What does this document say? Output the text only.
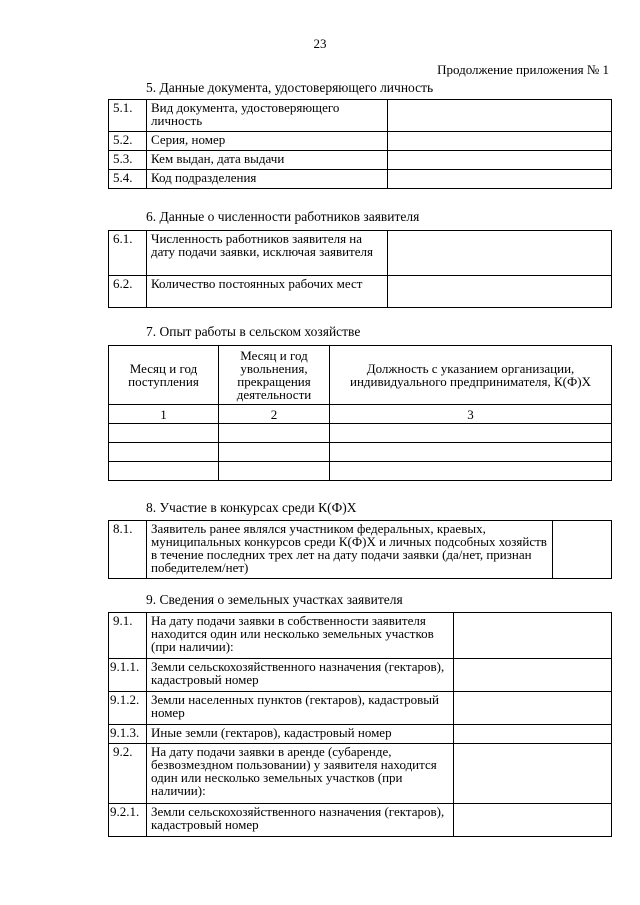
23
Продолжение приложения № 1
5. Данные документа, удостоверяющего личность
5.1.	Вид документа, удостоверяющего личность	
5.2.	Серия, номер	
5.3.	Кем выдан, дата выдачи	
5.4.	Код подразделения	
6. Данные о численности работников заявителя
6.1.	Численность работников заявителя на дату подачи заявки, исключая заявителя	
6.2.	Количество постоянных рабочих мест	
7. Опыт работы в сельском хозяйстве
Месяц и год поступления	Месяц и год увольнения, прекращения деятельности	Должность с указанием организации, индивидуального предпринимателя, К(Ф)Х
1	2	3

8. Участие в конкурсах среди К(Ф)Х
8.1.	Заявитель ранее являлся участником федеральных, краевых, муниципальных конкурсов среди К(Ф)Х и личных подсобных хозяйств в течение последних трех лет на дату подачи заявки (да/нет, признан победителем/нет)	
9. Сведения о земельных участках заявителя
9.1.	На дату подачи заявки в собственности заявителя находится один или несколько земельных участков (при наличии):	
9.1.1.	Земли сельскохозяйственного назначения (гектаров), кадастровый номер	
9.1.2.	Земли населенных пунктов (гектаров), кадастровый номер	
9.1.3.	Иные земли (гектаров), кадастровый номер	
9.2.	На дату подачи заявки в аренде (субаренде, безвозмездном пользовании) у заявителя находится один или несколько земельных участков (при наличии):	
9.2.1.	Земли сельскохозяйственного назначения (гектаров), кадастровый номер	
